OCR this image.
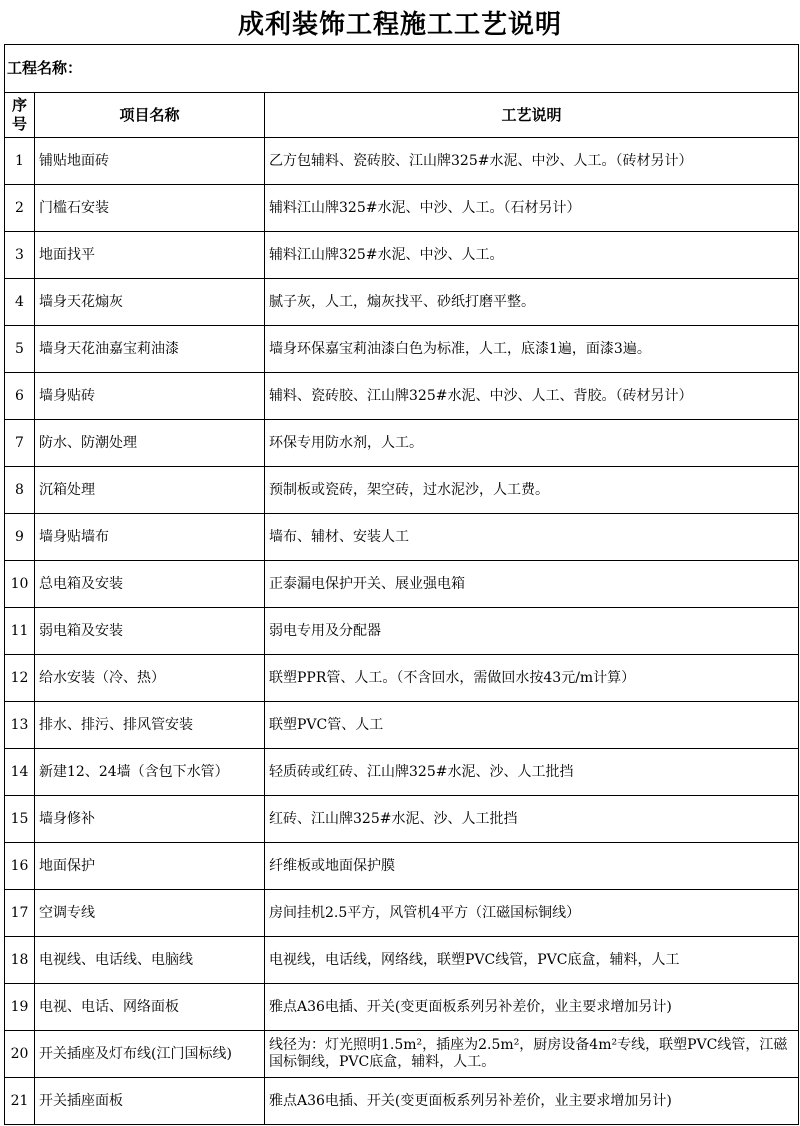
成利装饰工程施工工艺说明
工程名称：		
序号	项目名称	工艺说明
1	铺贴地面砖	乙方包辅料、瓷砖胶、江山牌325#水泥、中沙、人工。（砖材另计）
2	门槛石安装	辅料江山牌325#水泥、中沙、人工。（石材另计）
3	地面找平	辅料江山牌325#水泥、中沙、人工。
4	墙身天花煽灰	腻子灰，人工，煽灰找平、砂纸打磨平整。
5	墙身天花油嘉宝莉油漆	墙身环保嘉宝莉油漆白色为标准，人工，底漆1遍，面漆3遍。
6	墙身贴砖	辅料、瓷砖胶、江山牌325#水泥、中沙、人工、背胶。（砖材另计）
7	防水、防潮处理	环保专用防水剂，人工。
8	沉箱处理	预制板或瓷砖，架空砖，过水泥沙，人工费。
9	墙身贴墙布	墙布、辅材、安装人工
10	总电箱及安装	正泰漏电保护开关、展业强电箱
11	弱电箱及安装	弱电专用及分配器
12	给水安装（冷、热）	联塑PPR管、人工。（不含回水，需做回水按43元/m计算）
13	排水、排污、排风管安装	联塑PVC管、人工
14	新建12、24墙（含包下水管）	轻质砖或红砖、江山牌325#水泥、沙、人工批挡
15	墙身修补	红砖、江山牌325#水泥、沙、人工批挡
16	地面保护	纤维板或地面保护膜
17	空调专线	房间挂机2.5平方，风管机4平方（江磁国标铜线）
18	电视线、电话线、电脑线	电视线，电话线，网络线，联塑PVC线管，PVC底盒，辅料，人工
19	电视、电话、网络面板	雅点A36电插、开关(变更面板系列另补差价，业主要求增加另计)
20	开关插座及灯布线(江门国标线)	线径为：灯光照明1.5m²，插座为2.5m²，厨房设备4m²专线，联塑PVC线管，江磁国标铜线，PVC底盒，辅料，人工。
21	开关插座面板	雅点A36电插、开关(变更面板系列另补差价，业主要求增加另计)
